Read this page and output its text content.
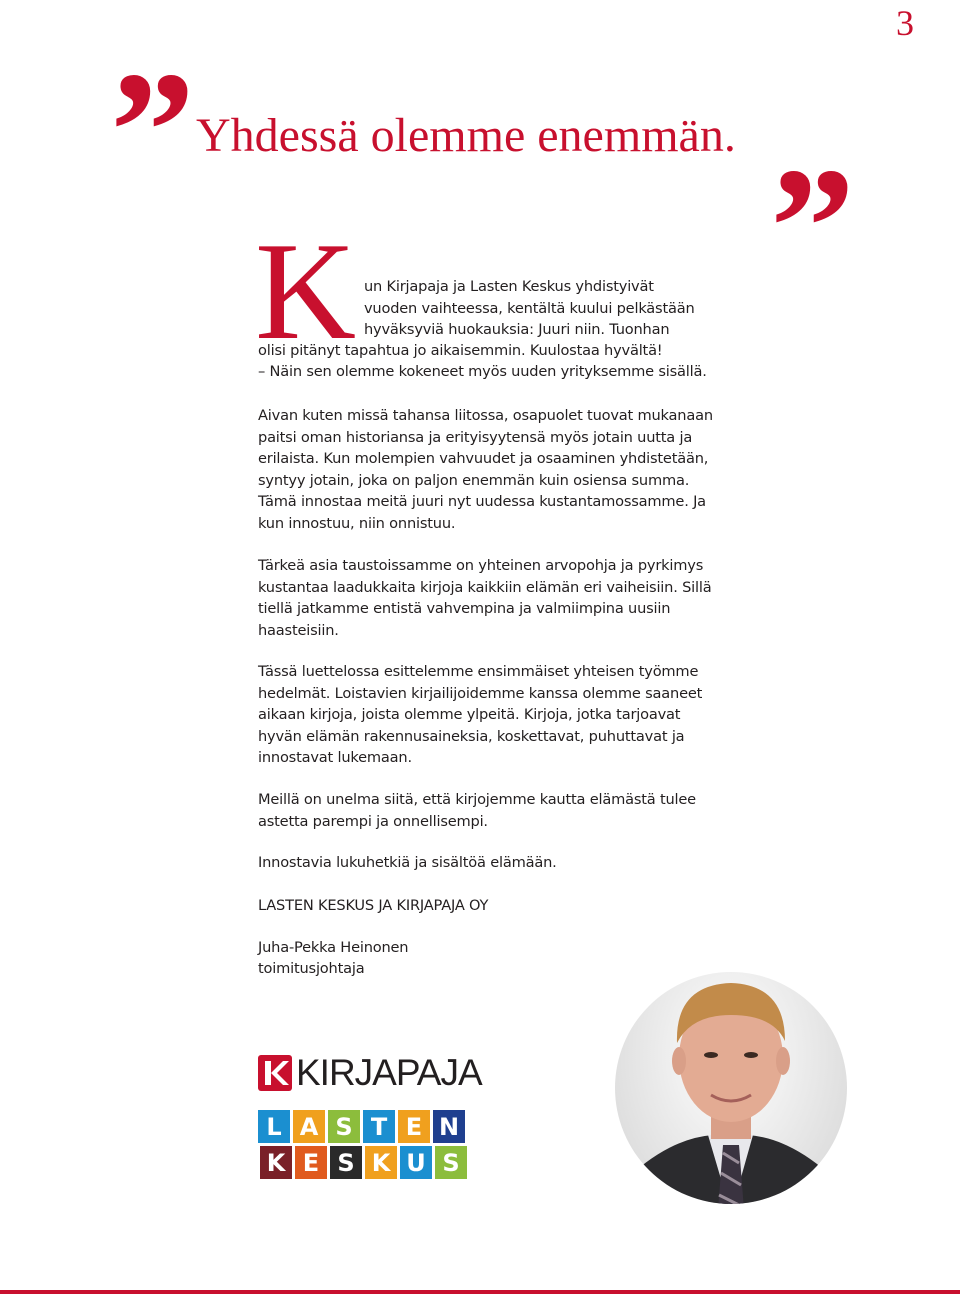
3
” Yhdessä olemme enemmän. ”
K un Kirjapaja ja Lasten Keskus yhdistyivät
vuoden vaihteessa, kentältä kuului pelkästään
hyväksyviä huokauksia: Juuri niin. Tuonhan
olisi pitänyt tapahtua jo aikaisemmin. Kuulostaa hyvältä!
– Näin sen olemme kokeneet myös uuden yrityksemme sisällä.

Aivan kuten missä tahansa liitossa, osapuolet tuovat mukanaan paitsi oman historiansa ja erityisyytensä myös jotain uutta ja erilaista. Kun molempien vahvuudet ja osaaminen yhdistetään, syntyy jotain, joka on paljon enemmän kuin osiensa summa. Tämä innostaa meitä juuri nyt uudessa kustantamossamme. Ja kun innostuu, niin onnistuu.

Tärkeä asia taustoissamme on yhteinen arvopohja ja pyrkimys kustantaa laadukkaita kirjoja kaikkiin elämän eri vaiheisiin. Sillä tiellä jatkamme entistä vahvempina ja valmiimpina uusiin haasteisiin.

Tässä luettelossa esittelemme ensimmäiset yhteisen työmme hedelmät. Loistavien kirjailijoidemme kanssa olemme saaneet aikaan kirjoja, joista olemme ylpeitä. Kirjoja, jotka tarjoavat hyvän elämän rakennusaineksia, koskettavat, puhuttavat ja innostavat lukemaan.

Meillä on unelma siitä, että kirjojemme kautta elämästä tulee astetta parempi ja onnellisempi.

Innostavia lukuhetkiä ja sisältöä elämään.

LASTEN KESKUS JA KIRJAPAJA OY

Juha-Pekka Heinonen

toimitusjohtaja

KIRJAPAJA
L A S T E N
K E S K U S
